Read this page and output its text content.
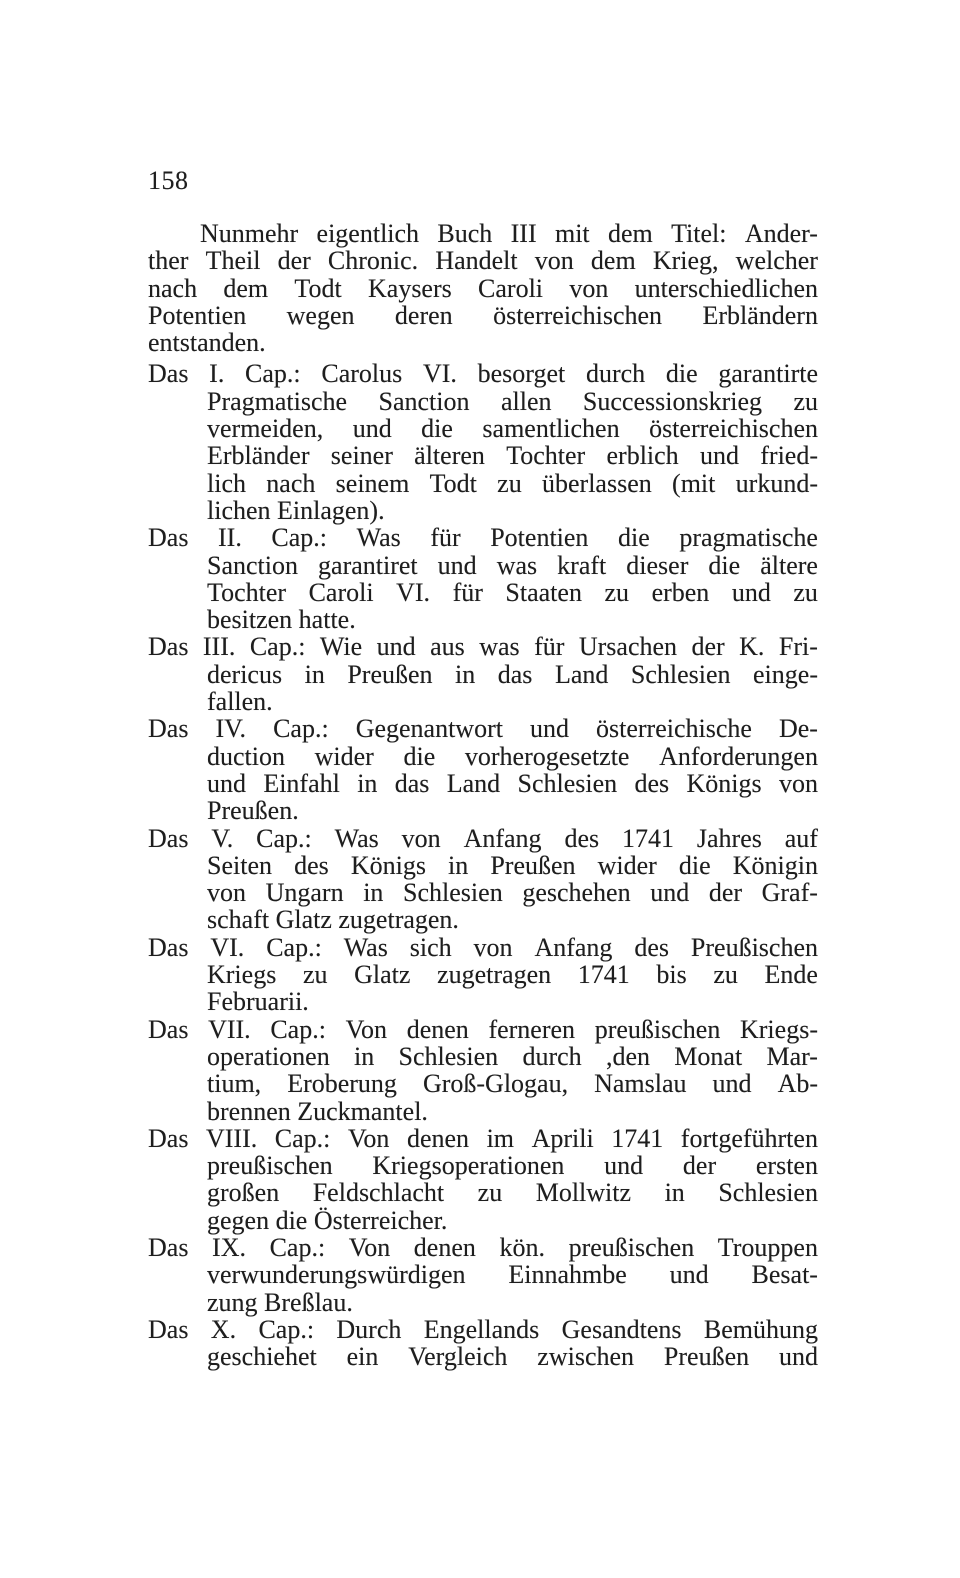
158
Nunmehr eigentlich Buch III mit dem Titel: Ander-
ther Theil der Chronic. Handelt von dem Krieg, welcher
nach dem Todt Kaysers Caroli von unterschiedlichen
Potentien wegen deren österreichischen Erbländern
entstanden.
Das I. Cap.: Carolus VI. besorget durch die garantirte
Pragmatische Sanction allen Successionskrieg zu
vermeiden, und die samentlichen österreichischen
Erbländer seiner älteren Tochter erblich und fried-
lich nach seinem Todt zu überlassen (mit urkund-
lichen Einlagen).
Das II. Cap.: Was für Potentien die pragmatische
Sanction garantiret und was kraft dieser die ältere
Tochter Caroli VI. für Staaten zu erben und zu
besitzen hatte.
Das III. Cap.: Wie und aus was für Ursachen der K. Fri-
dericus in Preußen in das Land Schlesien einge-
fallen.
Das IV. Cap.: Gegenantwort und österreichische De-
duction wider die vorherogesetzte Anforderungen
und Einfahl in das Land Schlesien des Königs von
Preußen.
Das V. Cap.: Was von Anfang des 1741 Jahres auf
Seiten des Königs in Preußen wider die Königin
von Ungarn in Schlesien geschehen und der Graf-
schaft Glatz zugetragen.
Das VI. Cap.: Was sich von Anfang des Preußischen
Kriegs zu Glatz zugetragen 1741 bis zu Ende
Februarii.
Das VII. Cap.: Von denen ferneren preußischen Kriegs-
operationen in Schlesien durch ,den Monat Mar-
tium, Eroberung Groß-Glogau, Namslau und Ab-
brennen Zuckmantel.
Das VIII. Cap.: Von denen im Aprili 1741 fortgeführten
preußischen Kriegsoperationen und der ersten
großen Feldschlacht zu Mollwitz in Schlesien
gegen die Österreicher.
Das IX. Cap.: Von denen kön. preußischen Trouppen
verwunderungswürdigen Einnahmbe und Besat-
zung Breßlau.
Das X. Cap.: Durch Engellands Gesandtens Bemühung
geschiehet ein Vergleich zwischen Preußen und
